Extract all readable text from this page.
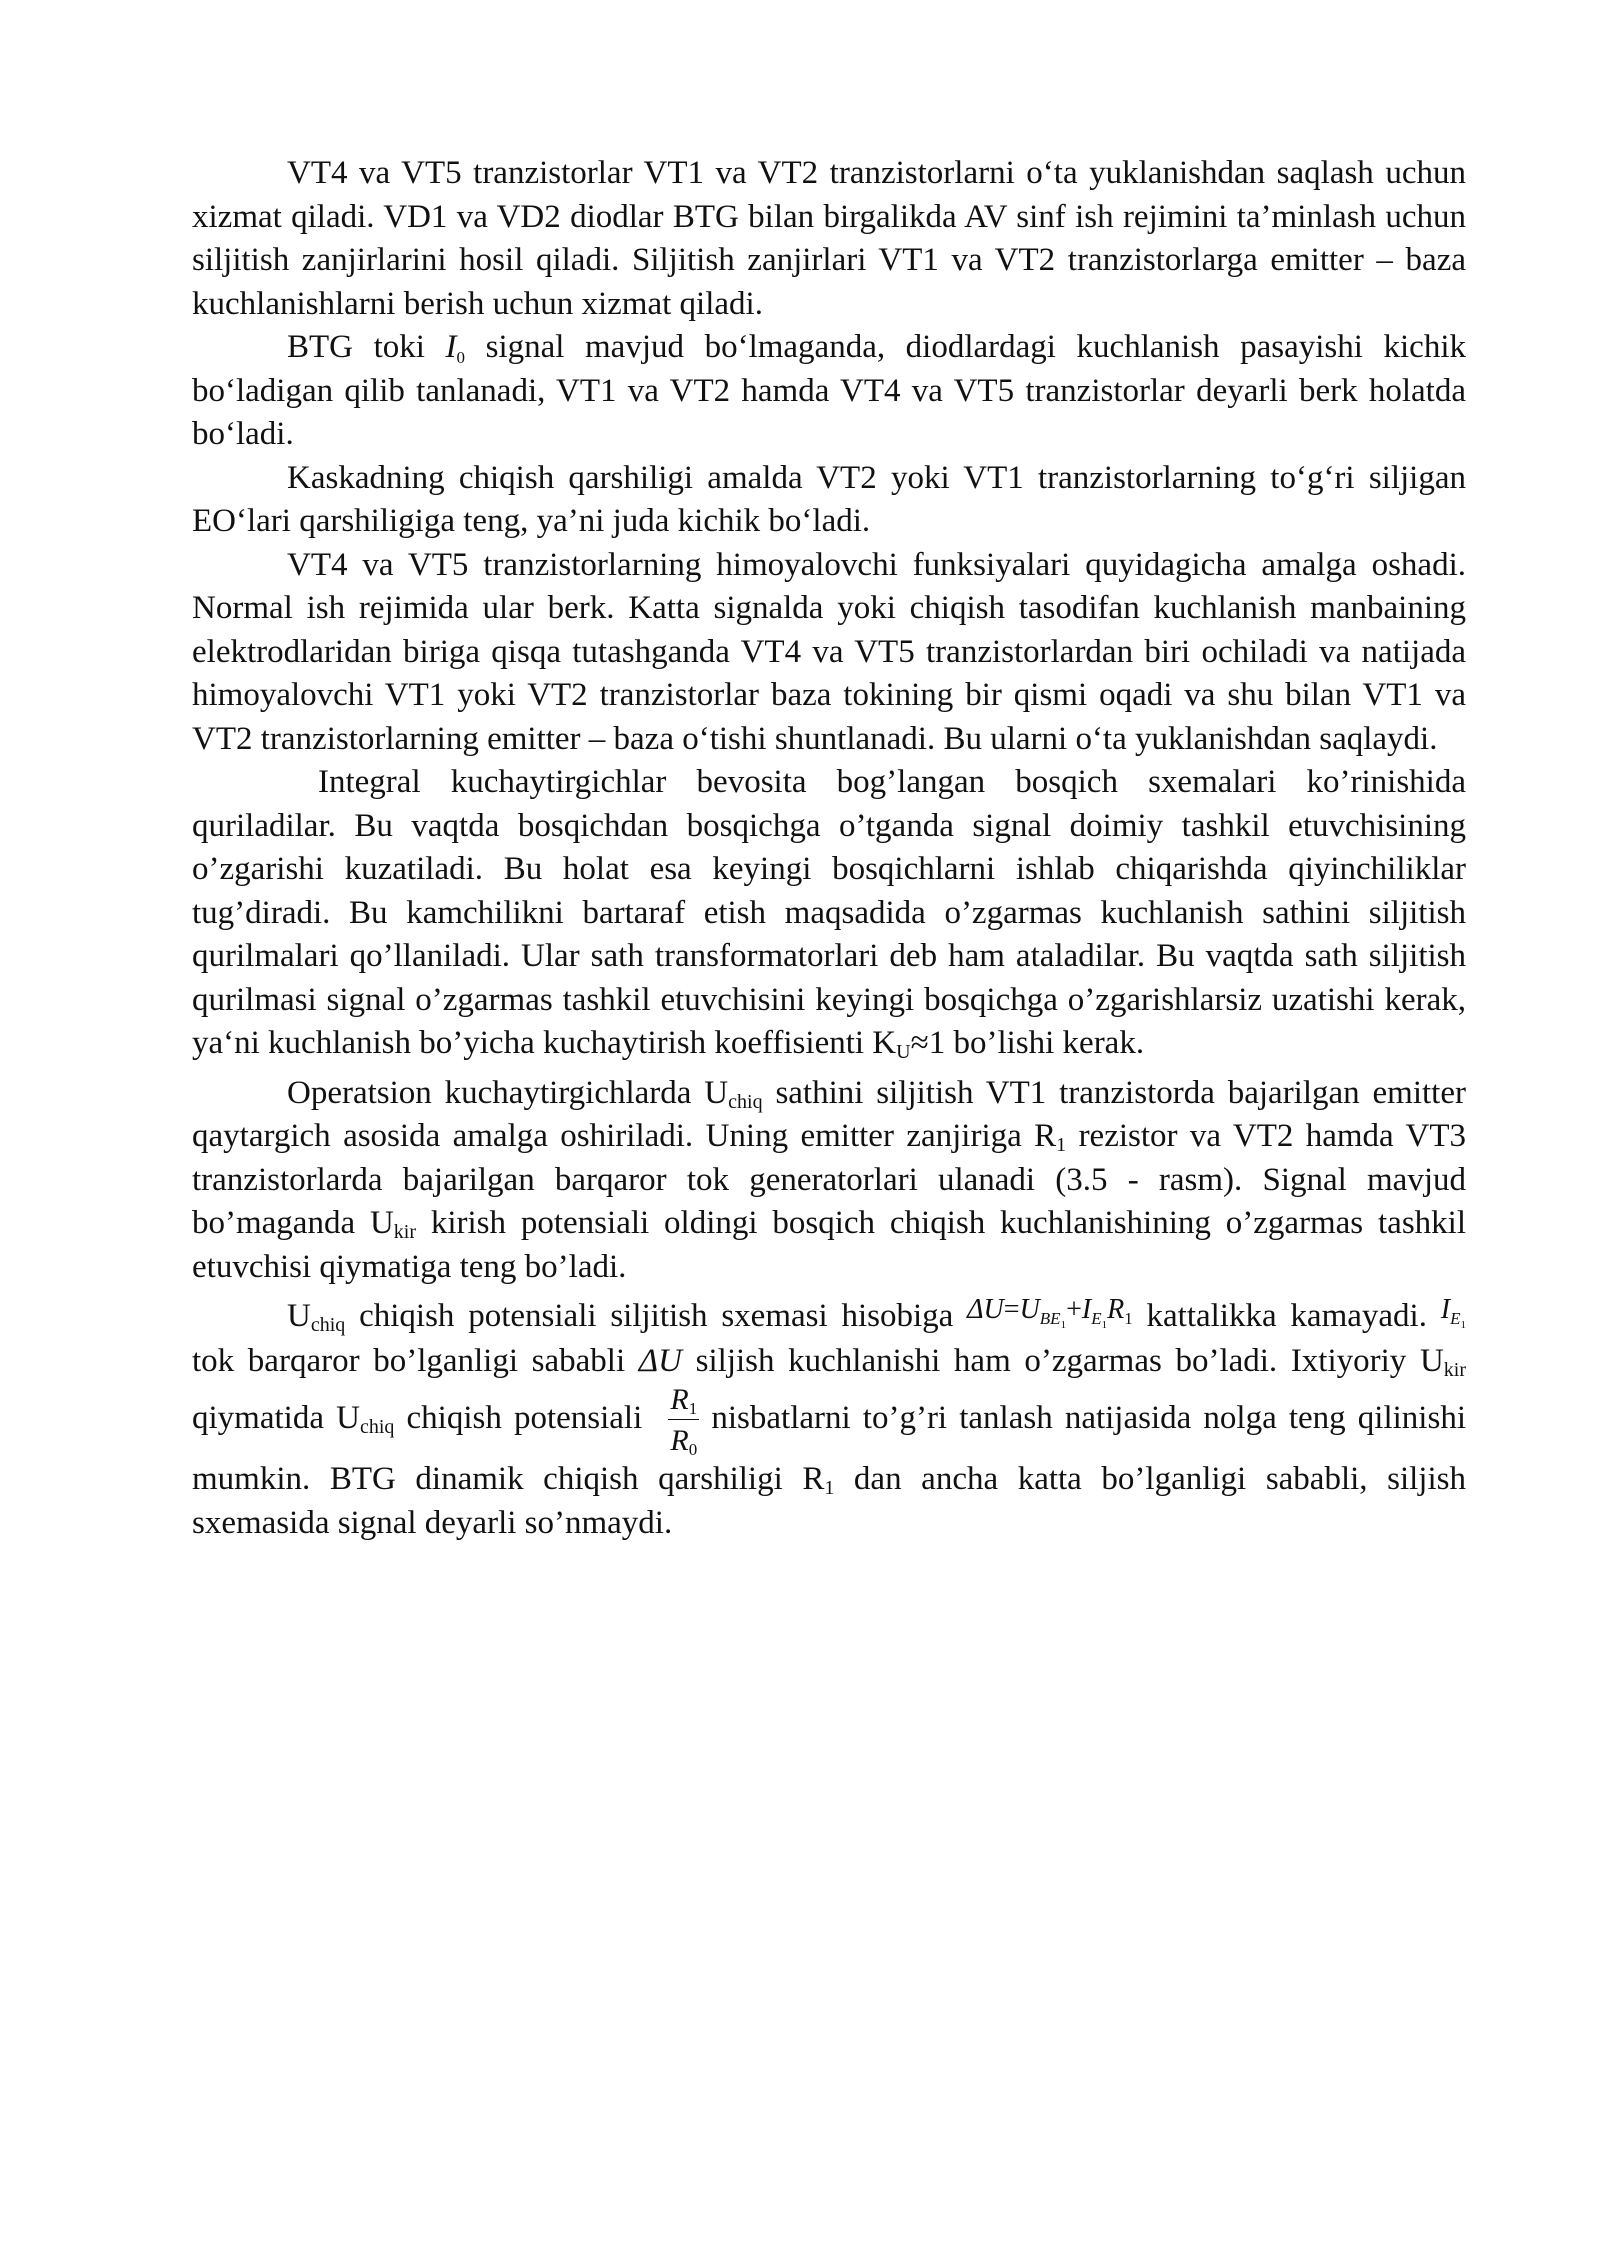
VT4 va VT5 tranzistorlar VT1 va VT2 tranzistorlarni o‘ta yuklanishdan saqlash uchun xizmat qiladi. VD1 va VD2 diodlar BTG bilan birgalikda AV sinf ish rejimini ta’minlash uchun siljitish zanjirlarini hosil qiladi. Siljitish zanjirlari VT1 va VT2 tranzistorlarga emitter – baza kuchlanishlarni berish uchun xizmat qiladi.

BTG toki I0 signal mavjud bo‘lmaganda, diodlardagi kuchlanish pasayishi kichik bo‘ladigan qilib tanlanadi, VT1 va VT2 hamda VT4 va VT5 tranzistorlar deyarli berk holatda bo‘ladi.

Kaskadning chiqish qarshiligi amalda VT2 yoki VT1 tranzistorlarning to‘g‘ri siljigan EO‘lari qarshiligiga teng, ya’ni juda kichik bo‘ladi.

VT4 va VT5 tranzistorlarning himoyalovchi funksiyalari quyidagicha amalga oshadi. Normal ish rejimida ular berk. Katta signalda yoki chiqish tasodifan kuchlanish manbaining elektrodlaridan biriga qisqa tutashganda VT4 va VT5 tranzistorlardan biri ochiladi va natijada himoyalovchi VT1 yoki VT2 tranzistorlar baza tokining bir qismi oqadi va shu bilan VT1 va VT2 tranzistorlarning emitter – baza o‘tishi shuntlanadi. Bu ularni o‘ta yuklanishdan saqlaydi.

Integral kuchaytirgichlar bevosita bog’langan bosqich sxemalari ko’rinishida quriladilar. Bu vaqtda bosqichdan bosqichga o’tganda signal doimiy tashkil etuvchisining o’zgarishi kuzatiladi. Bu holat esa keyingi bosqichlarni ishlab chiqarishda qiyinchiliklar tug’diradi. Bu kamchilikni bartaraf etish maqsadida o’zgarmas kuchlanish sathini siljitish qurilmalari qo’llaniladi. Ular sath transformatorlari deb ham ataladilar. Bu vaqtda sath siljitish qurilmasi signal o’zgarmas tashkil etuvchisini keyingi bosqichga o’zgarishlarsiz uzatishi kerak, ya‘ni kuchlanish bo’yicha kuchaytirish koeffisienti $K_U\approx 1$ bo’lishi kerak.

Operatsion kuchaytirgichlarda $U_{chiq}$ sathini siljitish VT1 tranzistorda bajarilgan emitter qaytargich asosida amalga oshiriladi. Uning emitter zanjiriga $R_1$ rezistor va VT2 hamda VT3 tranzistorlarda bajarilgan barqaror tok generatorlari ulanadi (3.5 - rasm). Signal mavjud bo’maganda $U_{kir}$ kirish potensiali oldingi bosqich chiqish kuchlanishining o’zgarmas tashkil etuvchisi qiymatiga teng bo’ladi.

$U_{chiq}$ chiqish potensiali siljitish sxemasi hisobiga $^{\Delta U=U_{BE1}+I_{E1}R_1}$ kattalikka kamayadi. $^{I_{E1}}$ tok barqaror bo’lganligi sababli ΔU siljish kuchlanishi ham o’zgarmas bo’ladi. Ixtiyoriy $U_{kir}$ qiymatida $U_{chiq}$ chiqish potensiali $\frac{R1}{R0}$ nisbatlarni to’g’ri tanlash natijasida nolga teng qilinishi mumkin. BTG dinamik chiqish qarshiligi $R_1$ dan ancha katta bo’lganligi sababli, siljish sxemasida signal deyarli so’nmaydi.
